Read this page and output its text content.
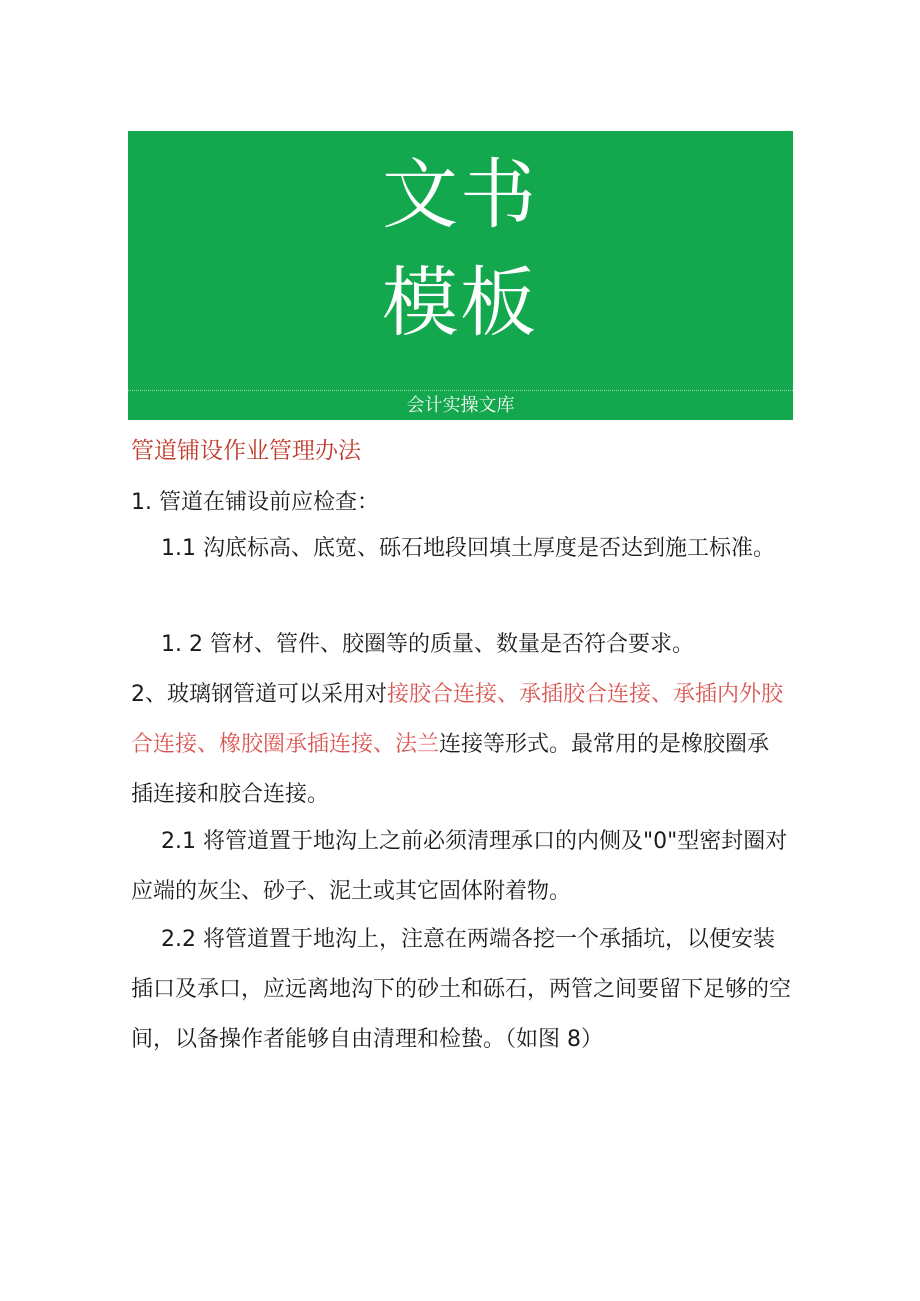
文书
模板
会计实操文库
管道铺设作业管理办法

1. 管道在铺设前应检查：

1.1 沟底标高、底宽、砾石地段回填土厚度是否达到施工标准。

1. 2 管材、管件、胶圈等的质量、数量是否符合要求。

2、玻璃钢管道可以采用对接胶合连接、承插胶合连接、承插内外胶合连接、橡胶圈承插连接、法兰连接等形式。最常用的是橡胶圈承插连接和胶合连接。

2.1 将管道置于地沟上之前必须清理承口的内侧及"0"型密封圈对应端的灰尘、砂子、泥土或其它固体附着物。

2.2 将管道置于地沟上，注意在两端各挖一个承插坑，以便安装插口及承口，应远离地沟下的砂土和砾石，两管之间要留下足够的空间，以备操作者能够自由清理和检蛰。（如图 8）
